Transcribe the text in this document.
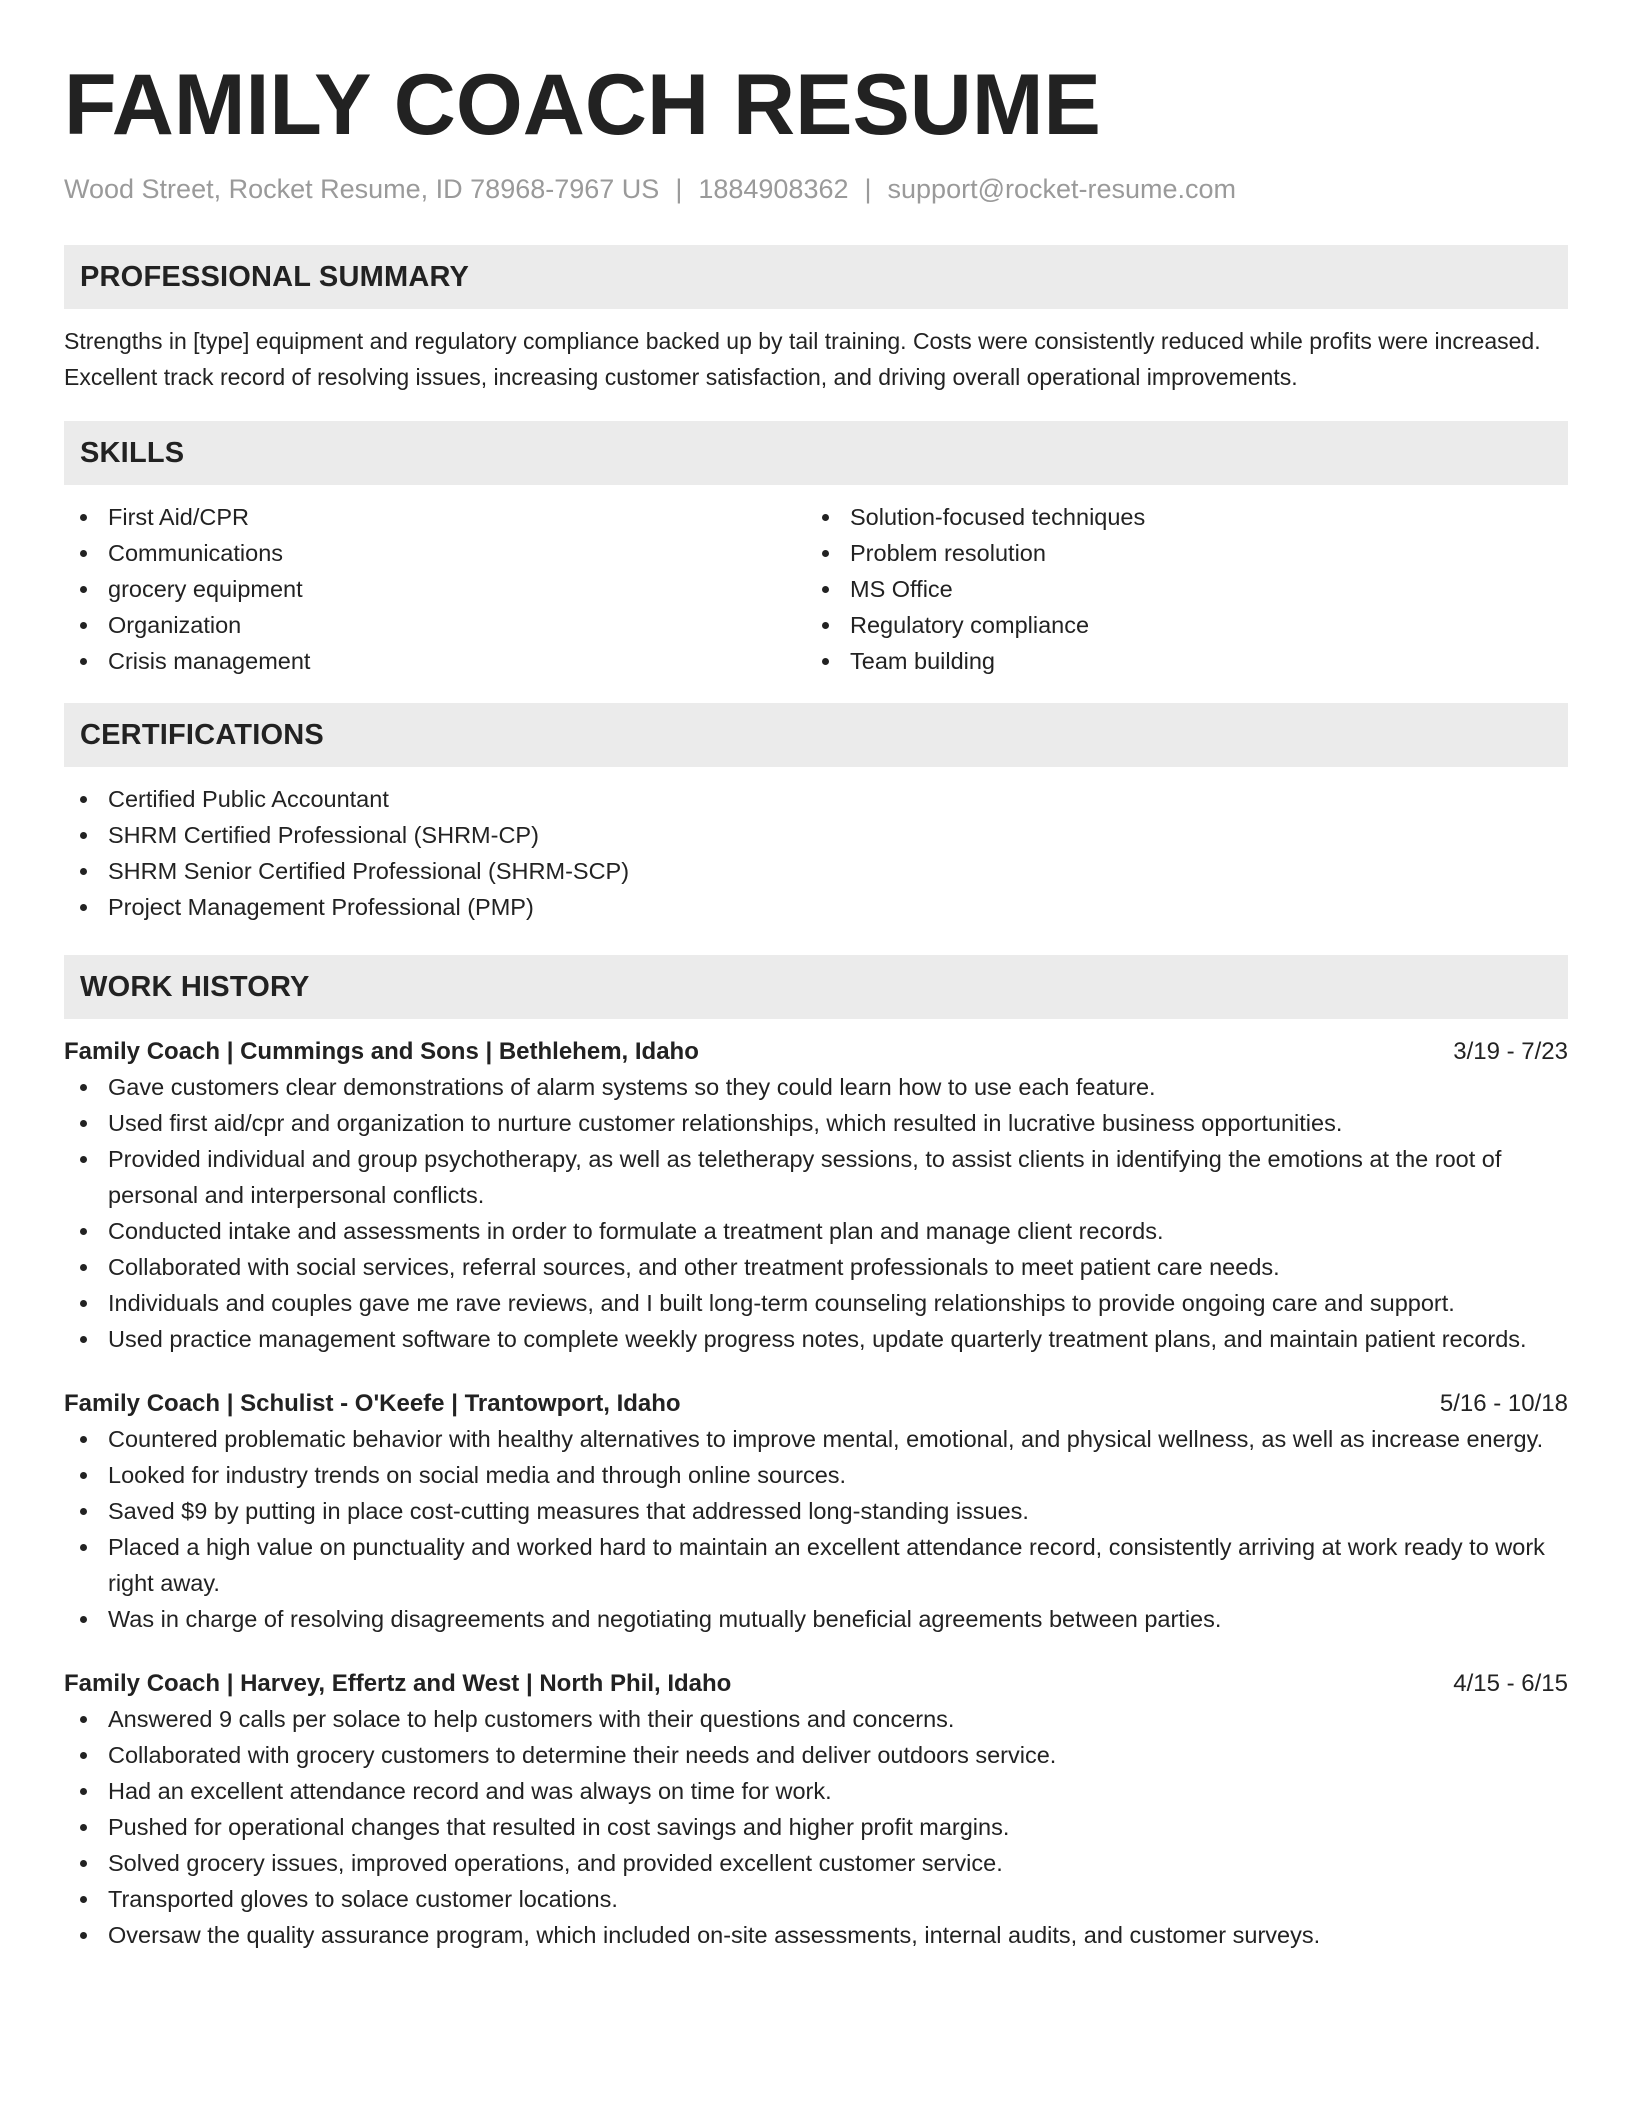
FAMILY COACH RESUME
Wood Street, Rocket Resume, ID 78968-7967 US | 1884908362 | support@rocket-resume.com
PROFESSIONAL SUMMARY

Strengths in [type] equipment and regulatory compliance backed up by tail training. Costs were consistently reduced while profits were increased. Excellent track record of resolving issues, increasing customer satisfaction, and driving overall operational improvements.

SKILLS
First Aid/CPR
Communications
grocery equipment
Organization
Crisis management
Solution-focused techniques
Problem resolution
MS Office
Regulatory compliance
Team building
CERTIFICATIONS
Certified Public Accountant
SHRM Certified Professional (SHRM-CP)
SHRM Senior Certified Professional (SHRM-SCP)
Project Management Professional (PMP)
WORK HISTORY
Family Coach | Cummings and Sons | Bethlehem, Idaho	3/19 - 7/23
Gave customers clear demonstrations of alarm systems so they could learn how to use each feature.
Used first aid/cpr and organization to nurture customer relationships, which resulted in lucrative business opportunities.
Provided individual and group psychotherapy, as well as teletherapy sessions, to assist clients in identifying the emotions at the root of personal and interpersonal conflicts.
Conducted intake and assessments in order to formulate a treatment plan and manage client records.
Collaborated with social services, referral sources, and other treatment professionals to meet patient care needs.
Individuals and couples gave me rave reviews, and I built long-term counseling relationships to provide ongoing care and support.
Used practice management software to complete weekly progress notes, update quarterly treatment plans, and maintain patient records.
Family Coach | Schulist - O'Keefe | Trantowport, Idaho	5/16 - 10/18
Countered problematic behavior with healthy alternatives to improve mental, emotional, and physical wellness, as well as increase energy.
Looked for industry trends on social media and through online sources.
Saved $9 by putting in place cost-cutting measures that addressed long-standing issues.
Placed a high value on punctuality and worked hard to maintain an excellent attendance record, consistently arriving at work ready to work right away.
Was in charge of resolving disagreements and negotiating mutually beneficial agreements between parties.
Family Coach | Harvey, Effertz and West | North Phil, Idaho	4/15 - 6/15
Answered 9 calls per solace to help customers with their questions and concerns.
Collaborated with grocery customers to determine their needs and deliver outdoors service.
Had an excellent attendance record and was always on time for work.
Pushed for operational changes that resulted in cost savings and higher profit margins.
Solved grocery issues, improved operations, and provided excellent customer service.
Transported gloves to solace customer locations.
Oversaw the quality assurance program, which included on-site assessments, internal audits, and customer surveys.
